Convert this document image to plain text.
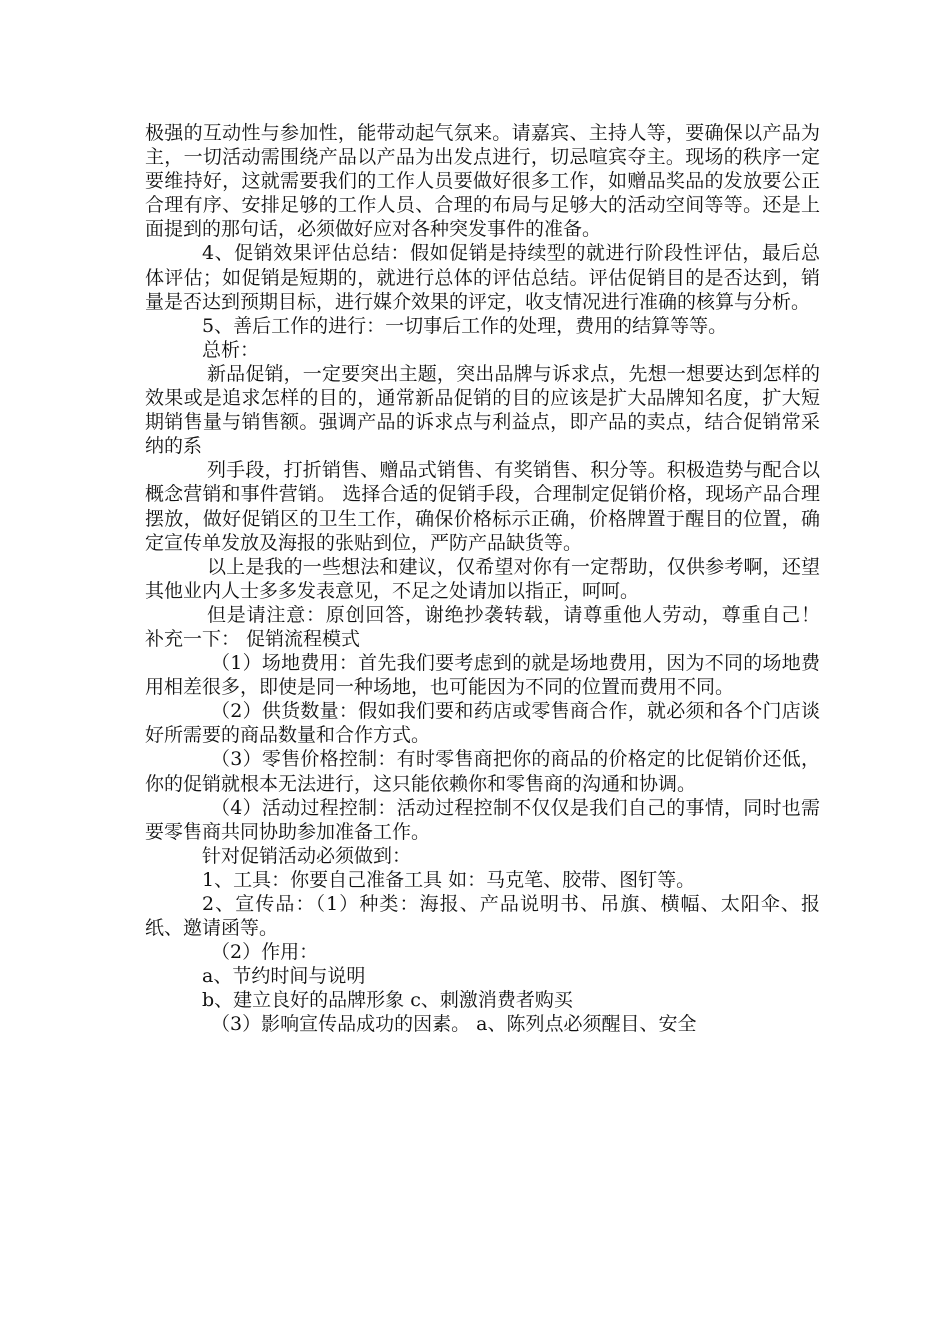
极强的互动性与参加性，能带动起气氛来。请嘉宾、主持人等，要确保以产品为主，一切活动需围绕产品以产品为出发点进行，切忌喧宾夺主。现场的秩序一定要维持好，这就需要我们的工作人员要做好很多工作，如赠品奖品的发放要公正合理有序、安排足够的工作人员、合理的布局与足够大的活动空间等等。还是上面提到的那句话，必须做好应对各种突发事件的准备。

4、促销效果评估总结：假如促销是持续型的就进行阶段性评估，最后总体评估；如促销是短期的，就进行总体的评估总结。评估促销目的是否达到，销量是否达到预期目标，进行媒介效果的评定，收支情况进行准确的核算与分析。

5、善后工作的进行：一切事后工作的处理，费用的结算等等。

总析：

新品促销，一定要突出主题，突出品牌与诉求点，先想一想要达到怎样的效果或是追求怎样的目的，通常新品促销的目的应该是扩大品牌知名度，扩大短期销售量与销售额。强调产品的诉求点与利益点，即产品的卖点，结合促销常采纳的系

列手段，打折销售、赠品式销售、有奖销售、积分等。积极造势与配合以概念营销和事件营销。 选择合适的促销手段，合理制定促销价格，现场产品合理摆放，做好促销区的卫生工作，确保价格标示正确，价格牌置于醒目的位置，确定宣传单发放及海报的张贴到位，严防产品缺货等。

以上是我的一些想法和建议，仅希望对你有一定帮助，仅供参考啊，还望其他业内人士多多发表意见，不足之处请加以指正，呵呵。

但是请注意：原创回答，谢绝抄袭转载，请尊重他人劳动，尊重自己！ 补充一下： 促销流程模式

（1）场地费用：首先我们要考虑到的就是场地费用，因为不同的场地费用相差很多，即使是同一种场地，也可能因为不同的位置而费用不同。

（2）供货数量：假如我们要和药店或零售商合作，就必须和各个门店谈好所需要的商品数量和合作方式。

（3）零售价格控制：有时零售商把你的商品的价格定的比促销价还低，你的促销就根本无法进行，这只能依赖你和零售商的沟通和协调。

（4）活动过程控制：活动过程控制不仅仅是我们自己的事情，同时也需要零售商共同协助参加准备工作。

针对促销活动必须做到：

1、工具：你要自己准备工具 如：马克笔、胶带、图钉等。

2、宣传品：（1）种类：海报、产品说明书、吊旗、横幅、太阳伞、报纸、邀请函等。

（2）作用：

a、节约时间与说明

b、建立良好的品牌形象 c、刺激消费者购买

（3）影响宣传品成功的因素。 a、陈列点必须醒目、安全
